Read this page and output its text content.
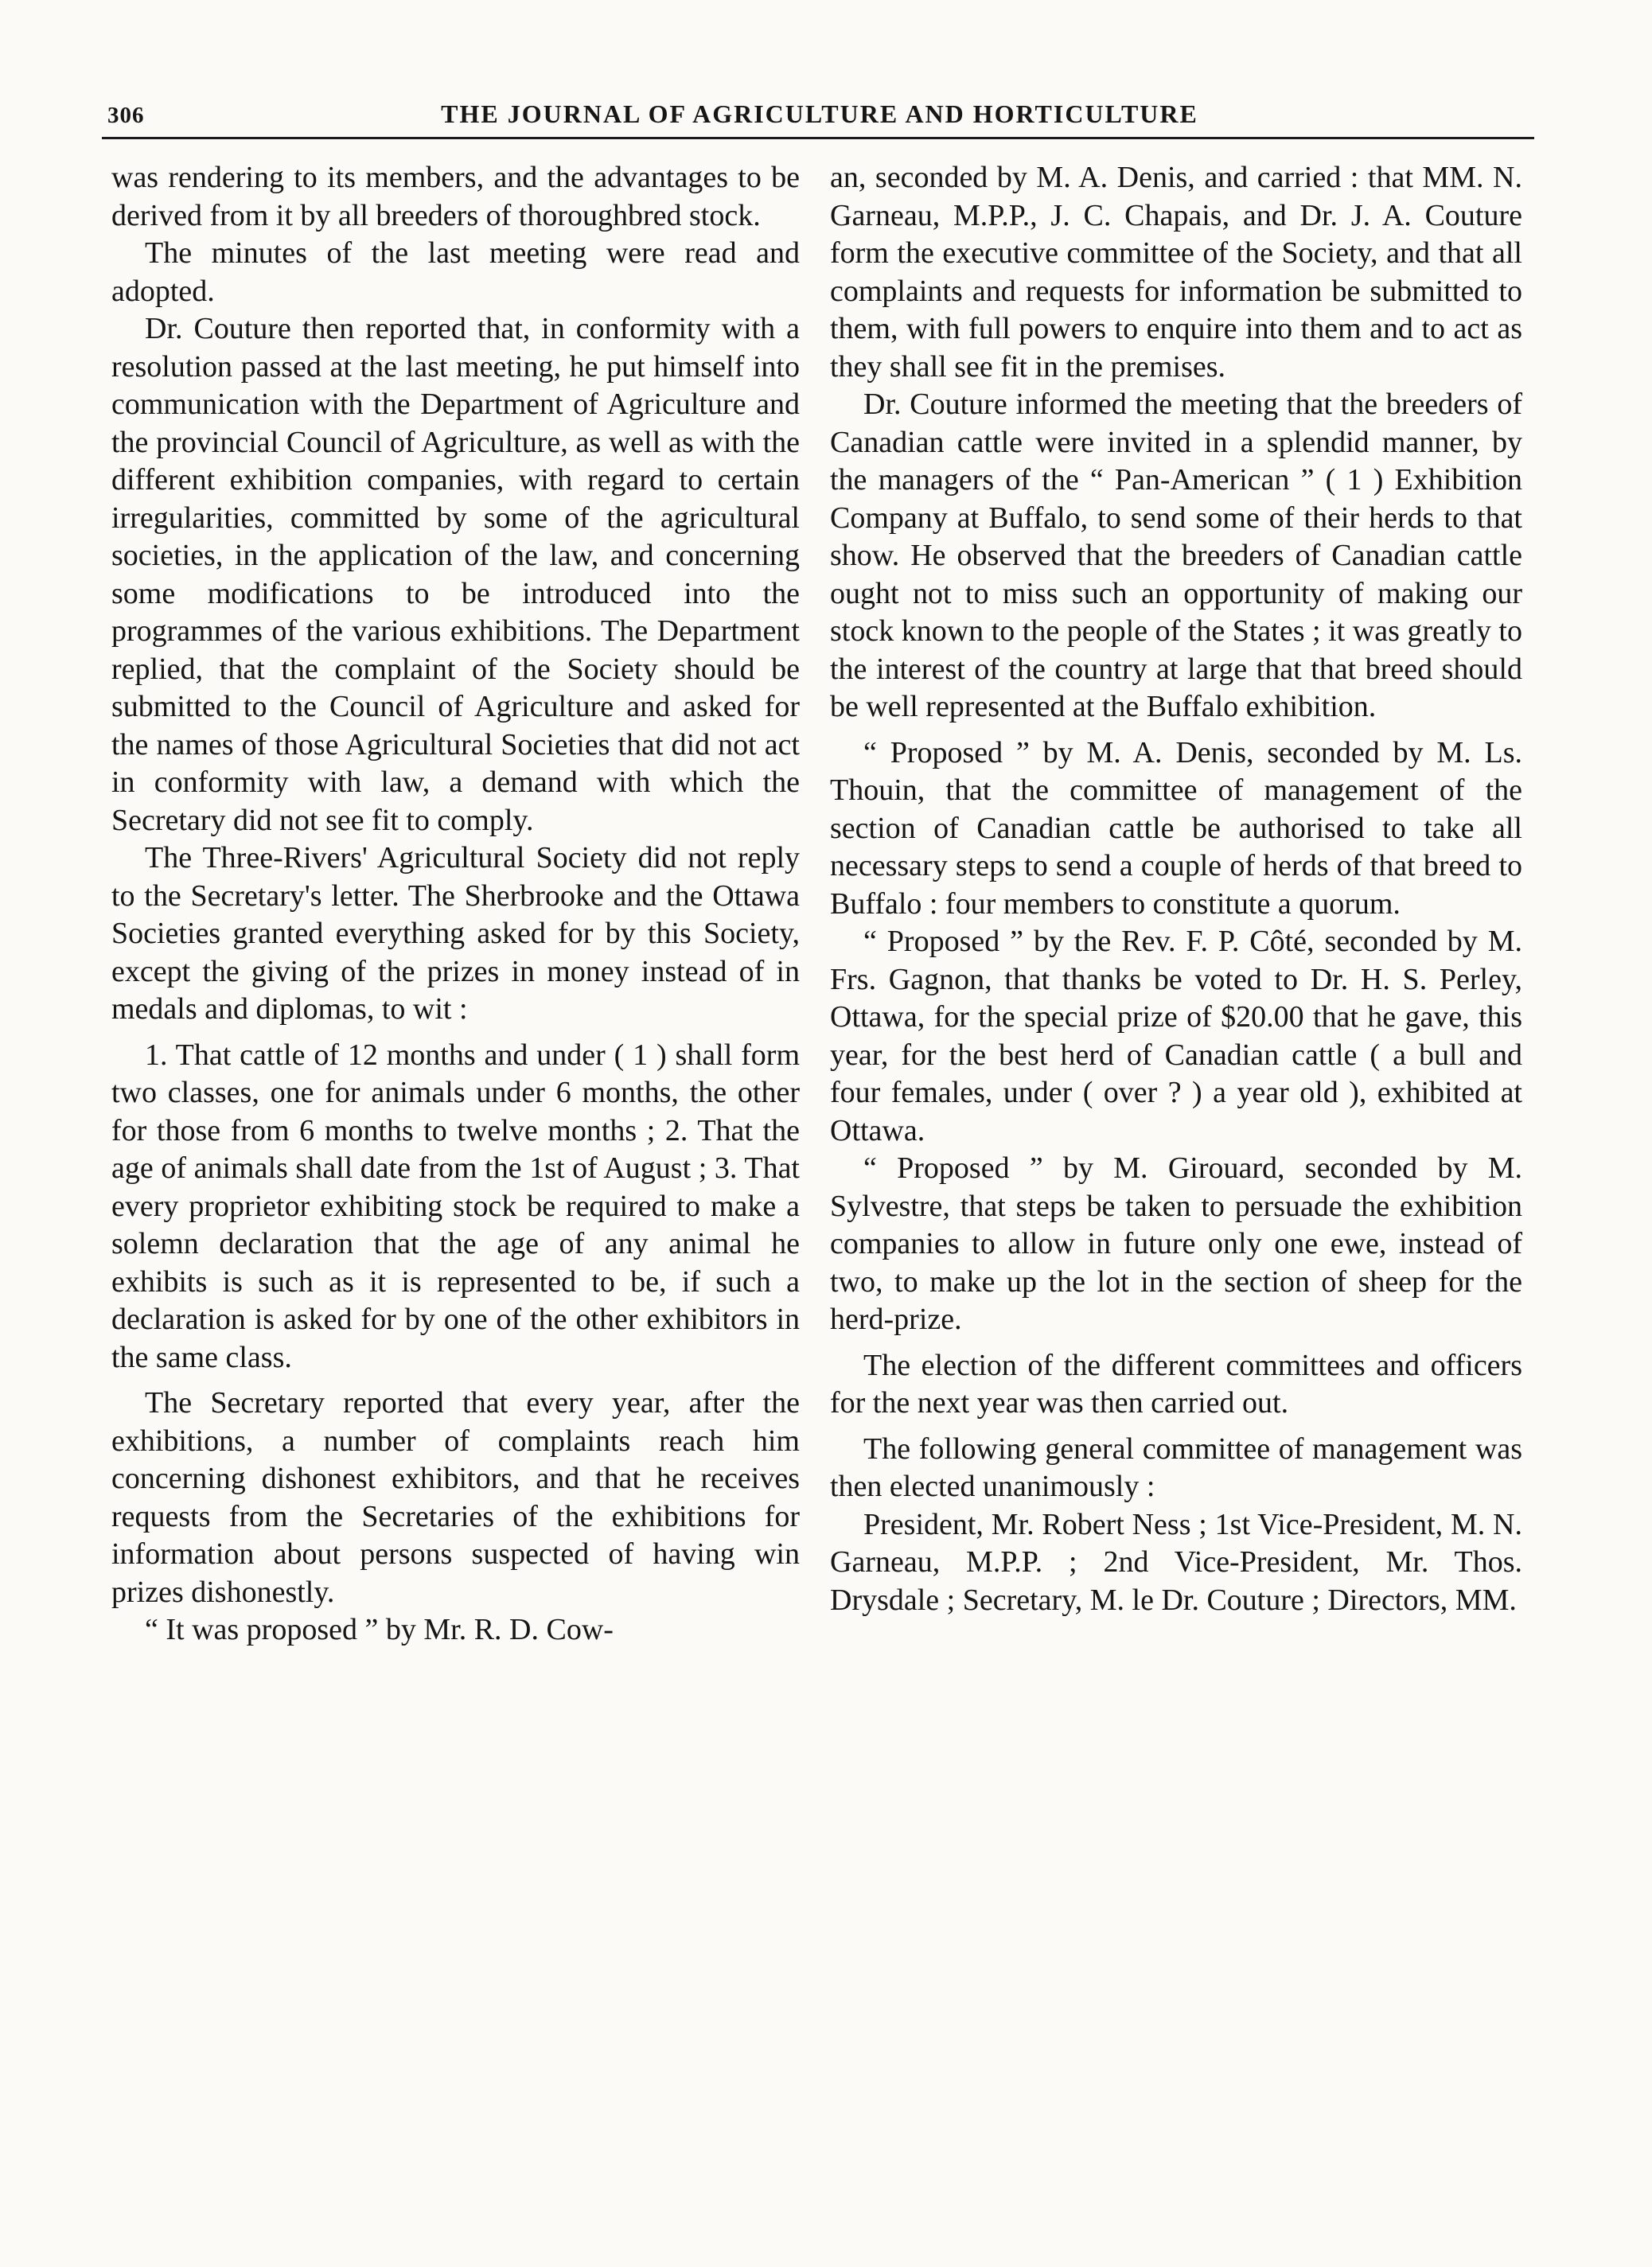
306	THE JOURNAL OF AGRICULTURE AND HORTICULTURE

was rendering to its members, and the advantages to be derived from it by all breeders of thoroughbred stock.

The minutes of the last meeting were read and adopted.

Dr. Couture then reported that, in conformity with a resolution passed at the last meeting, he put himself into communication with the Department of Agriculture and the provincial Council of Agriculture, as well as with the different exhibition companies, with regard to certain irregularities, committed by some of the agricultural societies, in the application of the law, and concerning some modifications to be introduced into the programmes of the various exhibitions. The Department replied, that the complaint of the Society should be submitted to the Council of Agriculture and asked for the names of those Agricultural Societies that did not act in conformity with law, a demand with which the Secretary did not see fit to comply.

The Three-Rivers' Agricultural Society did not reply to the Secretary's letter. The Sherbrooke and the Ottawa Societies granted everything asked for by this Society, except the giving of the prizes in money instead of in medals and diplomas, to wit :

1. That cattle of 12 months and under ( 1 ) shall form two classes, one for animals under 6 months, the other for those from 6 months to twelve months ; 2. That the age of animals shall date from the 1st of August ; 3. That every proprietor exhibiting stock be required to make a solemn declaration that the age of any animal he exhibits is such as it is represented to be, if such a declaration is asked for by one of the other exhibitors in the same class.

The Secretary reported that every year, after the exhibitions, a number of complaints reach him concerning dishonest exhibitors, and that he receives requests from the Secretaries of the exhibitions for information about persons suspected of having win prizes dishonestly.

“ It was proposed ” by Mr. R. D. Cow-

an, seconded by M. A. Denis, and carried : that MM. N. Garneau, M.P.P., J. C. Chapais, and Dr. J. A. Couture form the executive committee of the Society, and that all complaints and requests for information be submitted to them, with full powers to enquire into them and to act as they shall see fit in the premises.

Dr. Couture informed the meeting that the breeders of Canadian cattle were invited in a splendid manner, by the managers of the “ Pan-American ” ( 1 ) Exhibition Company at Buffalo, to send some of their herds to that show. He observed that the breeders of Canadian cattle ought not to miss such an opportunity of making our stock known to the people of the States ; it was greatly to the interest of the country at large that that breed should be well represented at the Buffalo exhibition.

“ Proposed ” by M. A. Denis, seconded by M. Ls. Thouin, that the committee of management of the section of Canadian cattle be authorised to take all necessary steps to send a couple of herds of that breed to Buffalo : four members to constitute a quorum.

“ Proposed ” by the Rev. F. P. Côté, seconded by M. Frs. Gagnon, that thanks be voted to Dr. H. S. Perley, Ottawa, for the special prize of $20.00 that he gave, this year, for the best herd of Canadian cattle ( a bull and four females, under ( over ? ) a year old ), exhibited at Ottawa.

“ Proposed ” by M. Girouard, seconded by M. Sylvestre, that steps be taken to persuade the exhibition companies to allow in future only one ewe, instead of two, to make up the lot in the section of sheep for the herd-prize.

The election of the different committees and officers for the next year was then carried out.

The following general committee of management was then elected unanimously :

President, Mr. Robert Ness ; 1st Vice-President, M. N. Garneau, M.P.P. ; 2nd Vice-President, Mr. Thos. Drysdale ; Secretary, M. le Dr. Couture ; Directors, MM.
